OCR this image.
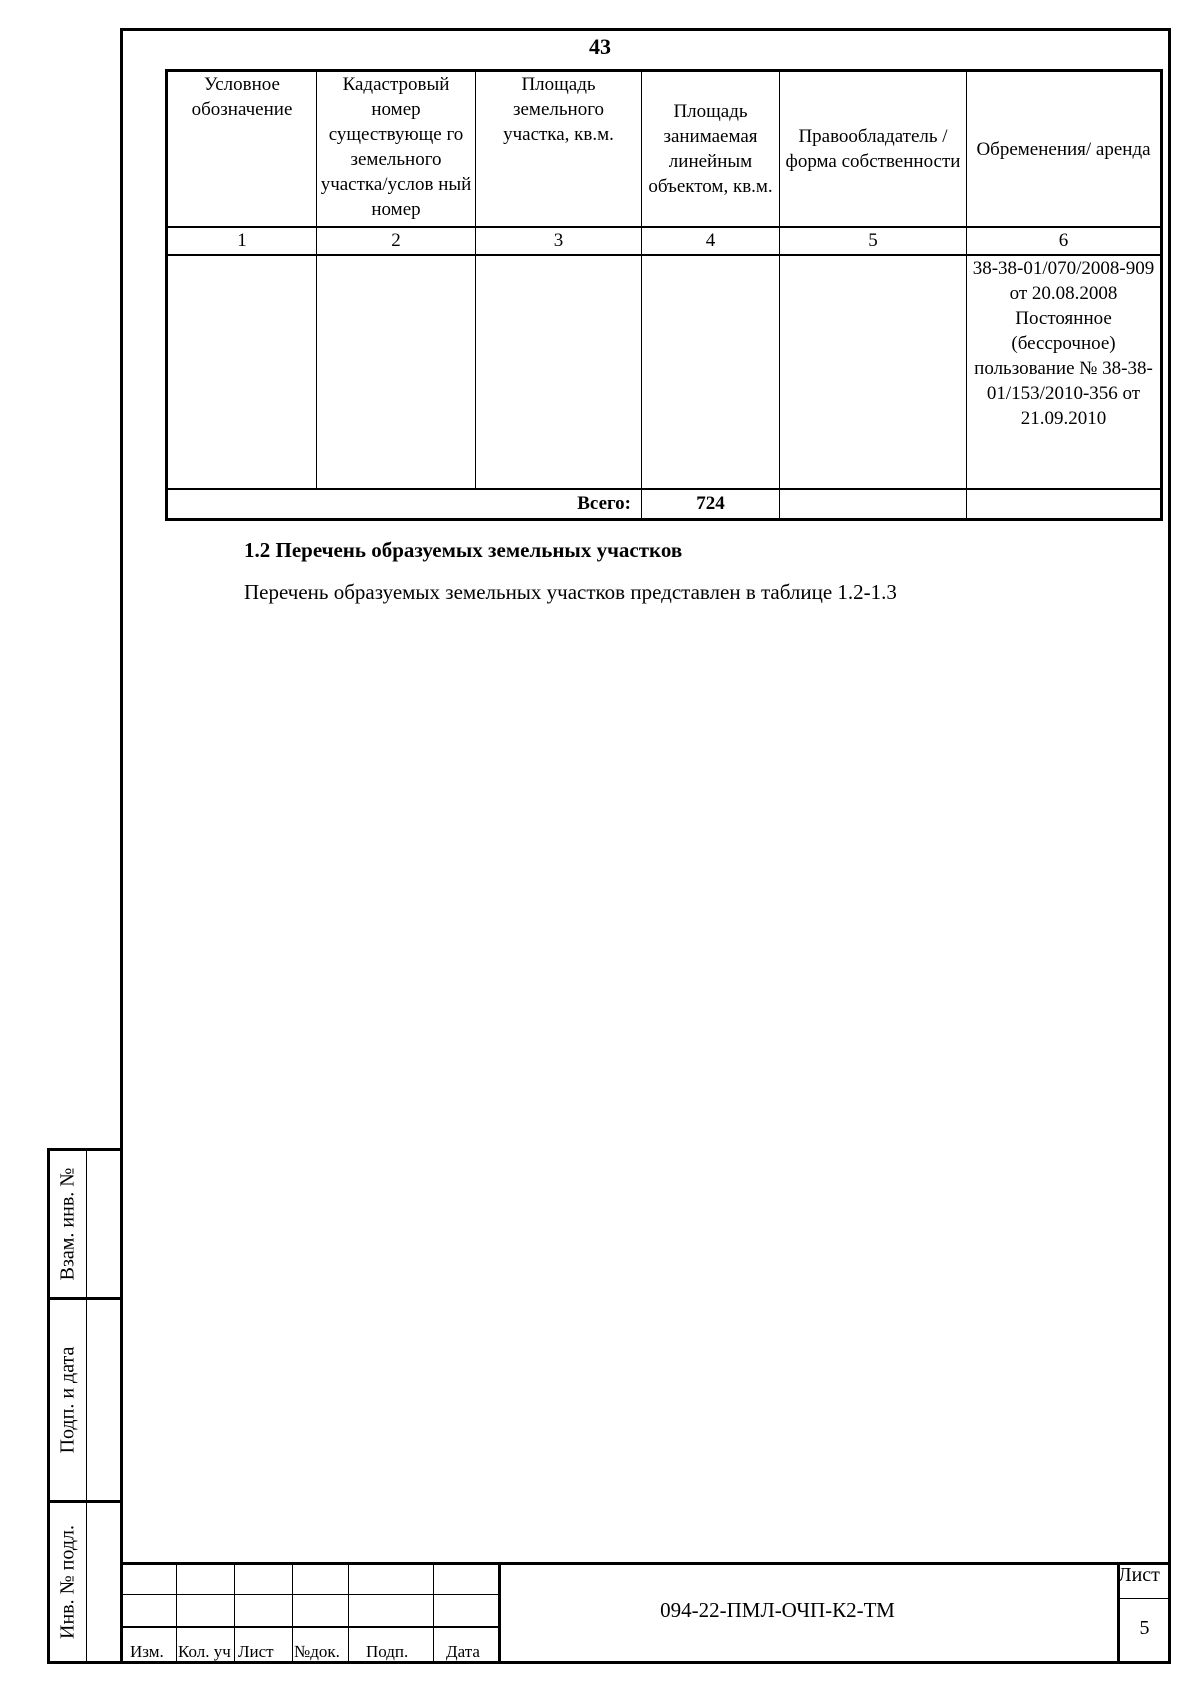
43
Условное обозначение	Кадастровый номер существующе го земельного участка/услов ный номер	Площадь земельного участка, кв.м.	Площадь занимаемая линейным объектом, кв.м.	Правообладатель / форма собственности	Обременения/ аренда
1	2	3	4	5	6
					38-38-01/070/2008-909 от 20.08.2008 Постоянное (бессрочное) пользование № 38-38-01/153/2010-356 от 21.09.2010
Всего:			724		
1.2 Перечень образуемых земельных участков
Перечень образуемых земельных участков представлен в таблице 1.2-1.3
Взам. инв. №
Подп. и дата
Инв. № подл.
Изм. Кол. уч Лист №док. Подп. Дата
094-22-ПМЛ-ОЧП-К2-ТМ
Лист
5
